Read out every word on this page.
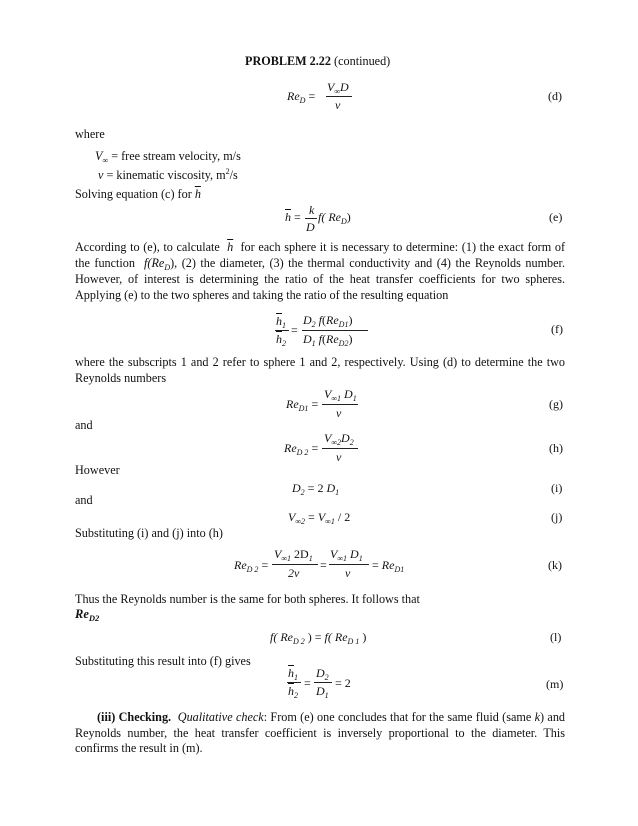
PROBLEM 2.22 (continued)
$Re_D$ =
$V_\infty D$
ν
(d)
where
$V_\infty$ = free stream velocity, m/s
ν = kinematic viscosity, $m^2/s$
Solving equation (c) for $\overline{h}$
$\overline{h} = k$
D
f( $Re_D$)	(e)
According to (e), to calculate $\overline{h}$ for each sphere it is necessary to determine: (1) the exact form of the function $f(Re_D)$, (2) the diameter, (3) the thermal conductivity and (4) the Reynolds number. However, of interest is determining the ratio of the heat transfer coefficients for two spheres. Applying (e) to the two spheres and taking the ratio of the resulting equation
$\overline{h}_1$
$\overline{h}_2$
=
$D_2$ $f(Re_{D1})$
$D_1$ $f(Re_{D2})$
(f)
where the subscripts 1 and 2 refer to sphere 1 and 2, respectively. Using (d) to determine the two Reynolds numbers
$Re_{D1}$ =
$V_{\infty 1}$ $D_1$
ν
(g)
and
$Re_{D 2}$ =
$V_{\infty 2}D_2$
ν
(h)
However
$D_2 = 2$ $D_1$	(i)
and
$V_{\infty 2} = V_{\infty 1} / 2$	(j)
Substituting (i) and (j) into (h)
$Re_{D 2}$ =
$V_{\infty 1}$ $2D_1$
2ν
=
$V_{\infty 1}$ $D_1$
ν
= $Re_{D1}$	(k)
Thus the Reynolds number is the same for both spheres. It follows that
$Re_{D2}$
f( $Re_{D 2}$ ) = f( $Re_{D 1}$ )	(l)
Substituting this result into (f) gives
$\overline{h}_1$
$\overline{h}_2$
=
$D_2$
$D_1$
= 2	(m)
(iii) Checking. Qualitative check: From (e) one concludes that for the same fluid (same k) and Reynolds number, the heat transfer coefficient is inversely proportional to the diameter. This confirms the result in (m).
